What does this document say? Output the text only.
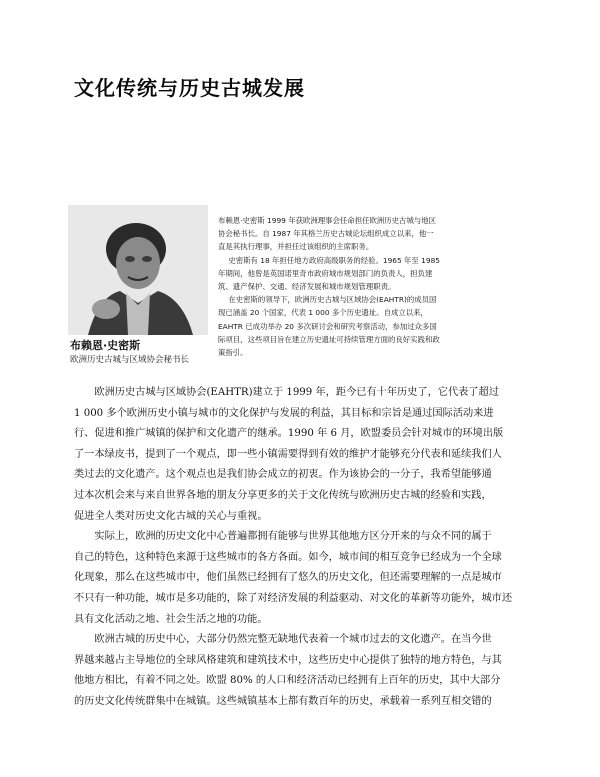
文化传统与历史古城发展
布赖恩·史密斯
欧洲历史古城与区域协会秘书长

布赖恩·史密斯 1999 年获欧洲理事会任命担任欧洲历史古城与地区协会秘书长。自 1987 年其格兰历史古城论坛组织成立以来，他一直是其执行理事，并担任过该组织的主席职务。

史密斯有 18 年担任地方政府高级职务的经验。1965 年至 1985 年期间，他曾是英国诺里奇市政府城市规划部门的负责人，担负建筑、遗产保护、交通、经济发展和城市规划管理职责。

在史密斯的领导下，欧洲历史古城与区域协会(EAHTR)的成员国现已涵盖 20 个国家，代表 1 000 多个历史遗址。自成立以来，EAHTR 已成功举办 20 多次研讨会和研究考察活动，参加过众多国际项目，这些项目旨在建立历史遗址可持续管理方面的良好实践和政策指引。

欧洲历史古城与区域协会(EAHTR)建立于 1999 年，距今已有十年历史了，它代表了超过
1 000 多个欧洲历史小镇与城市的文化保护与发展的利益，其目标和宗旨是通过国际活动来进
行、促进和推广城镇的保护和文化遗产的继承。1990 年 6 月，欧盟委员会针对城市的环境出版
了一本绿皮书，提到了一个观点，即一些小镇需要得到有效的维护才能够充分代表和延续我们人
类过去的文化遗产。这个观点也是我们协会成立的初衷。作为该协会的一分子，我希望能够通
过本次机会来与来自世界各地的朋友分享更多的关于文化传统与欧洲历史古城的经验和实践，
促进全人类对历史文化古城的关心与重视。

实际上，欧洲的历史文化中心普遍都拥有能够与世界其他地方区分开来的与众不同的属于
自己的特色，这种特色来源于这些城市的各方各面。如今，城市间的相互竞争已经成为一个全球
化现象，那么在这些城市中，他们虽然已经拥有了悠久的历史文化，但还需要理解的一点是城市
不只有一种功能，城市是多功能的，除了对经济发展的利益驱动、对文化的革新等功能外，城市还
具有文化活动之地、社会生活之地的功能。

欧洲古城的历史中心，大部分仍然完整无缺地代表着一个城市过去的文化遗产。在当今世
界越来越占主导地位的全球风格建筑和建筑技术中，这些历史中心提供了独特的地方特色，与其
他地方相比，有着不同之处。欧盟 80% 的人口和经济活动已经拥有上百年的历史，其中大部分
的历史文化传统群集中在城镇。这些城镇基本上都有数百年的历史，承载着一系列互相交错的
